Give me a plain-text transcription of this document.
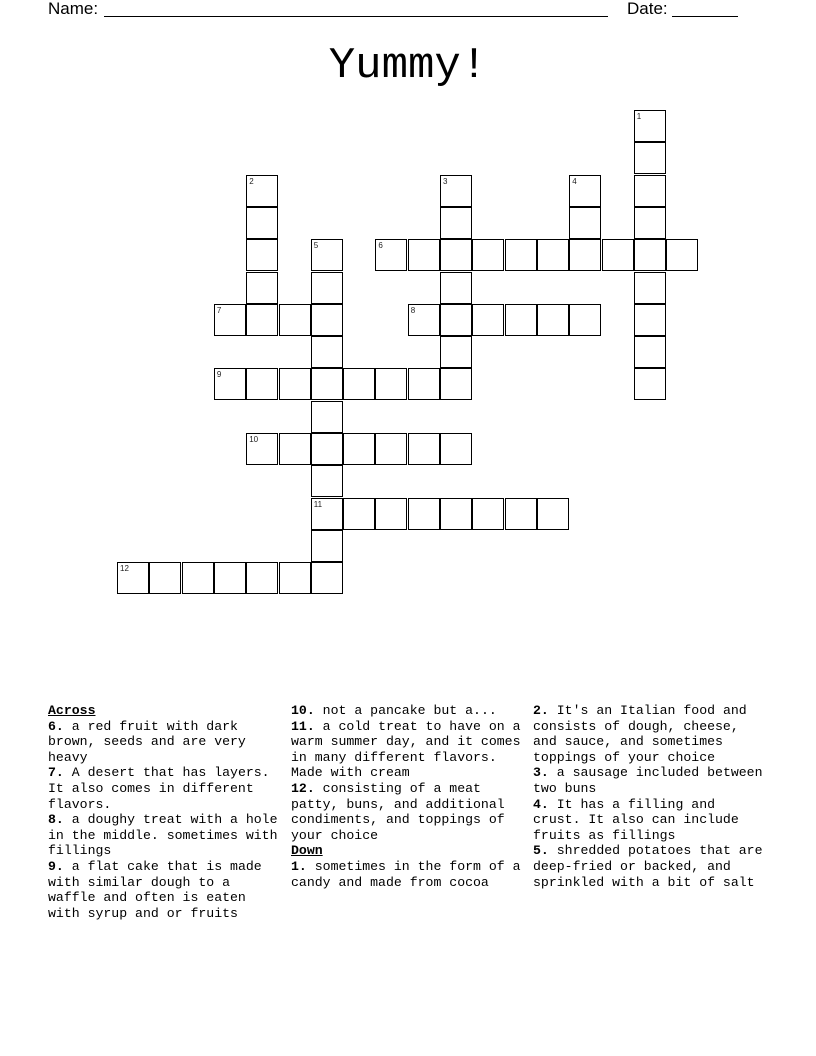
Name:	Date:
Yummy!
1
2	3	4
5
11
6
7	8
9
10
12
Across

6. a red fruit with dark brown, seeds and are very heavy

7. A desert that has layers. It also comes in different flavors.

8. a doughy treat with a hole in the middle. sometimes with fillings

9. a flat cake that is made with similar dough to a waffle and often is eaten with syrup and or fruits

10. not a pancake but a...

11. a cold treat to have on a warm summer day, and it comes in many different flavors. Made with cream

12. consisting of a meat patty, buns, and additional condiments, and toppings of your choice

Down

1. sometimes in the form of a candy and made from cocoa

2. It's an Italian food and consists of dough, cheese, and sauce, and sometimes toppings of your choice

3. a sausage included between two buns

4. It has a filling and crust. It also can include fruits as fillings

5. shredded potatoes that are deep-fried or backed, and sprinkled with a bit of salt
